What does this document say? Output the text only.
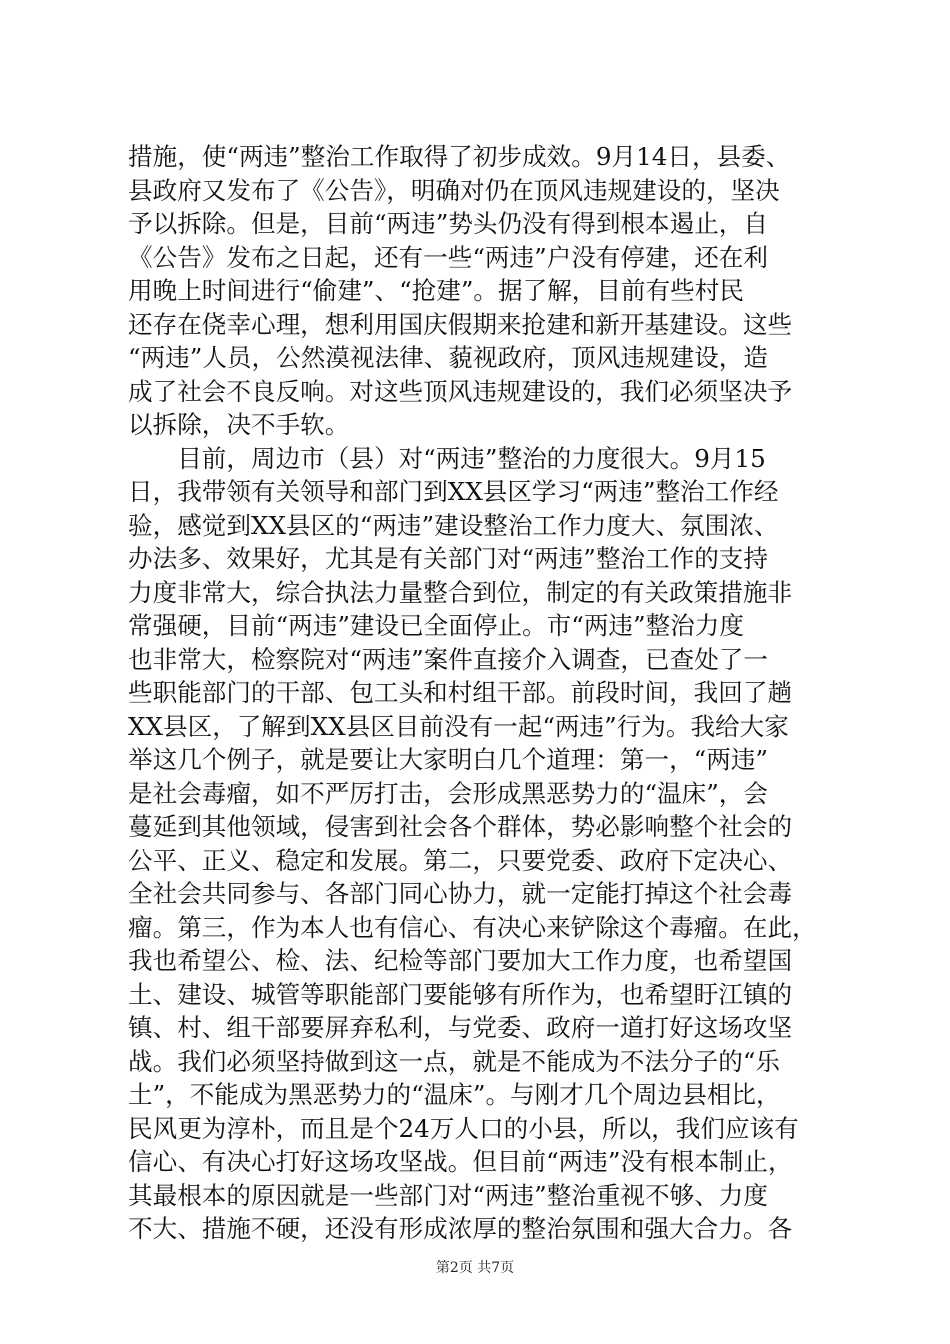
措施，使“两违”整治工作取得了初步成效。9月14日，县委、
县政府又发布了《公告》，明确对仍在顶风违规建设的，坚决
予以拆除。但是，目前“两违”势头仍没有得到根本遏止，自
《公告》发布之日起，还有一些“两违”户没有停建，还在利
用晚上时间进行“偷建”、“抢建”。据了解，目前有些村民
还存在侥幸心理，想利用国庆假期来抢建和新开基建设。这些
“两违”人员，公然漠视法律、藐视政府，顶风违规建设，造
成了社会不良反响。对这些顶风违规建设的，我们必须坚决予
以拆除，决不手软。
　　目前，周边市（县）对“两违”整治的力度很大。9月15
日，我带领有关领导和部门到XX县区学习“两违”整治工作经
验，感觉到XX县区的“两违”建设整治工作力度大、氛围浓、
办法多、效果好，尤其是有关部门对“两违”整治工作的支持
力度非常大，综合执法力量整合到位，制定的有关政策措施非
常强硬，目前“两违”建设已全面停止。市“两违”整治力度
也非常大，检察院对“两违”案件直接介入调查，已查处了一
些职能部门的干部、包工头和村组干部。前段时间，我回了趟
XX县区，了解到XX县区目前没有一起“两违”行为。我给大家
举这几个例子，就是要让大家明白几个道理：第一，“两违”
是社会毒瘤，如不严厉打击，会形成黑恶势力的“温床”，会
蔓延到其他领域，侵害到社会各个群体，势必影响整个社会的
公平、正义、稳定和发展。第二，只要党委、政府下定决心、
全社会共同参与、各部门同心协力，就一定能打掉这个社会毒
瘤。第三，作为本人也有信心、有决心来铲除这个毒瘤。在此，
我也希望公、检、法、纪检等部门要加大工作力度，也希望国
土、建设、城管等职能部门要能够有所作为，也希望盱江镇的
镇、村、组干部要屏弃私利，与党委、政府一道打好这场攻坚
战。我们必须坚持做到这一点，就是不能成为不法分子的“乐
土”，不能成为黑恶势力的“温床”。与刚才几个周边县相比，
民风更为淳朴，而且是个24万人口的小县，所以，我们应该有
信心、有决心打好这场攻坚战。但目前“两违”没有根本制止，
其最根本的原因就是一些部门对“两违”整治重视不够、力度
不大、措施不硬，还没有形成浓厚的整治氛围和强大合力。各
第2页 共7页
